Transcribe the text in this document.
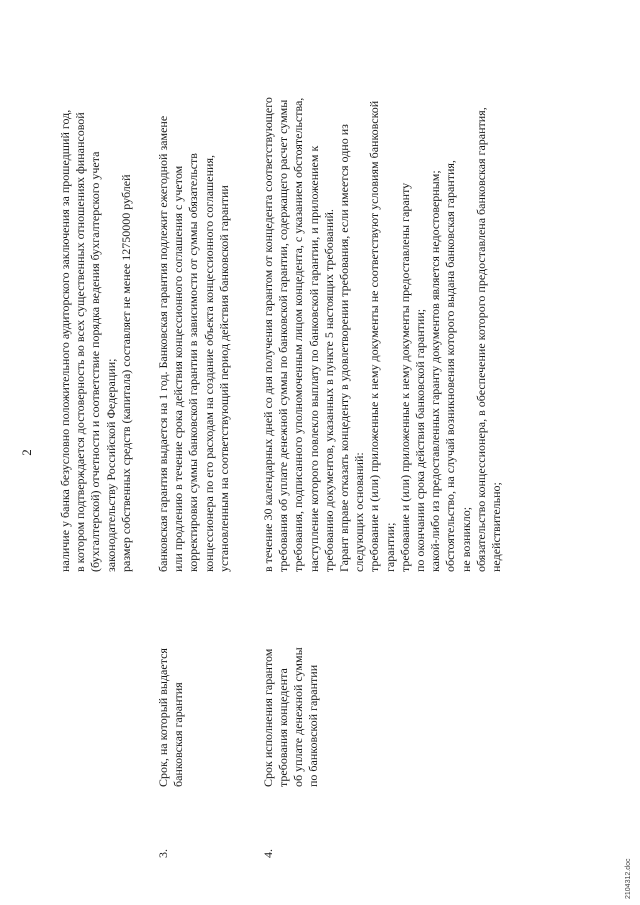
2 наличие у банка безусловно положительного аудиторского заключения за прошедший год, в котором подтверждается достоверность во всех существенных отношениях финансовой (бухгалтерской) отчетности и соответствие порядка ведения бухгалтерского учета законодательству Российской Федерации; размер собственных средств (капитала) составляет не менее 12750000 рублей
3.
Срок, на который выдается банковская гарантия
банковская гарантия выдается на 1 год. Банковская гарантия подлежит ежегодной замене или продлению в течение срока действия концессионного соглашения с учетом корректировки суммы банковской гарантии в зависимости от суммы обязательств концессионера по его расходам на создание объекта концессионного соглашения, установленным на соответствующий период действия банковской гарантии
4.
Срок исполнения гарантом требования концедента об уплате денежной суммы по банковской гарантии
в течение 30 календарных дней со дня получения гарантом от концедента соответствующего требования об уплате денежной суммы по банковской гарантии, содержащего расчет суммы требования, подписанного уполномоченным лицом концедента, с указанием обстоятельства, наступление которого повлекло выплату по банковской гарантии, и приложением к требованию документов, указанных в пункте 5 настоящих требований. Гарант вправе отказать концеденту в удовлетворении требования, если имеется одно из следующих оснований: требование и (или) приложенные к нему документы не соответствуют условиям банковской гарантии; требование и (или) приложенные к нему документы предоставлены гаранту по окончании срока действия банковской гарантии; какой-либо из предоставленных гаранту документов является недостоверным; обстоятельство, на случай возникновения которого выдана банковская гарантия, не возникло; обязательство концессионера, в обеспечение которого предоставлена банковская гарантия, недействительно;
2104312.doc
